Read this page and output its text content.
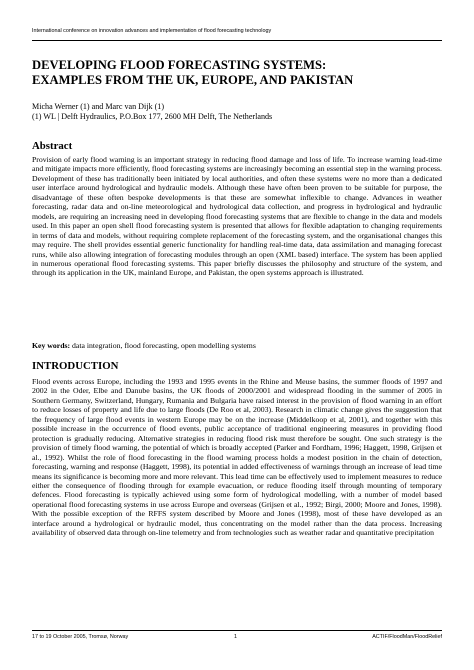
International conference on innovation advances and implementation of flood forecasting technology
DEVELOPING FLOOD FORECASTING SYSTEMS:
EXAMPLES FROM THE UK, EUROPE, AND PAKISTAN
Micha Werner (1) and Marc van Dijk (1)
(1) WL | Delft Hydraulics, P.O.Box 177, 2600 MH Delft, The Netherlands
Abstract

Provision of early flood warning is an important strategy in reducing flood damage and loss of life. To increase warning lead-time and mitigate impacts more efficiently, flood forecasting systems are increasingly becoming an essential step in the warning process. Development of these has traditionally been initiated by local authorities, and often these systems were no more than a dedicated user interface around hydrological and hydraulic models. Although these have often been proven to be suitable for purpose, the disadvantage of these often bespoke developments is that these are somewhat inflexible to change. Advances in weather forecasting, radar data and on-line meteorological and hydrological data collection, and progress in hydrological and hydraulic models, are requiring an increasing need in developing flood forecasting systems that are flexible to change in the data and models used. In this paper an open shell flood forecasting system is presented that allows for flexible adaptation to changing requirements in terms of data and models, without requiring complete replacement of the forecasting system, and the organisational changes this may require. The shell provides essential generic functionality for handling real-time data, data assimilation and managing forecast runs, while also allowing integration of forecasting modules through an open (XML based) interface. The system has been applied in numerous operational flood forecasting systems. This paper briefly discusses the philosophy and structure of the system, and through its application in the UK, mainland Europe, and Pakistan, the open systems approach is illustrated.

Key words: data integration, flood forecasting, open modelling systems

INTRODUCTION

Flood events across Europe, including the 1993 and 1995 events in the Rhine and Meuse basins, the summer floods of 1997 and 2002 in the Oder, Elbe and Danube basins, the UK floods of 2000/2001 and widespread flooding in the summer of 2005 in Southern Germany, Switzerland, Hungary, Rumania and Bulgaria have raised interest in the provision of flood warning in an effort to reduce losses of property and life due to large floods (De Roo et al, 2003). Research in climatic change gives the suggestion that the frequency of large flood events in western Europe may be on the increase (Middelkoop et al, 2001), and together with this possible increase in the occurrence of flood events, public acceptance of traditional engineering measures in providing flood protection is gradually reducing. Alternative strategies in reducing flood risk must therefore be sought. One such strategy is the provision of timely flood warning, the potential of which is broadly accepted (Parker and Fordham, 1996; Haggett, 1998, Grijsen et al., 1992). Whilst the role of flood forecasting in the flood warning process holds a modest position in the chain of detection, forecasting, warning and response (Haggett, 1998), its potential in added effectiveness of warnings through an increase of lead time means its significance is becoming more and more relevant. This lead time can be effectively used to implement measures to reduce either the consequence of flooding through for example evacuation, or reduce flooding itself through mounting of temporary defences. Flood forecasting is typically achieved using some form of hydrological modelling, with a number of model based operational flood forecasting systems in use across Europe and overseas (Grijsen et al., 1992; Birgi, 2000; Moore and Jones, 1998). With the possible exception of the RFFS system described by Moore and Jones (1998), most of these have developed as an interface around a hydrological or hydraulic model, thus concentrating on the model rather than the data process. Increasing availability of observed data through on-line telemetry and from technologies such as weather radar and quantitative precipitation

17 to 19 October 2005, Tromsø, Norway	1	ACTIF/FloodMan/FloodRelief
